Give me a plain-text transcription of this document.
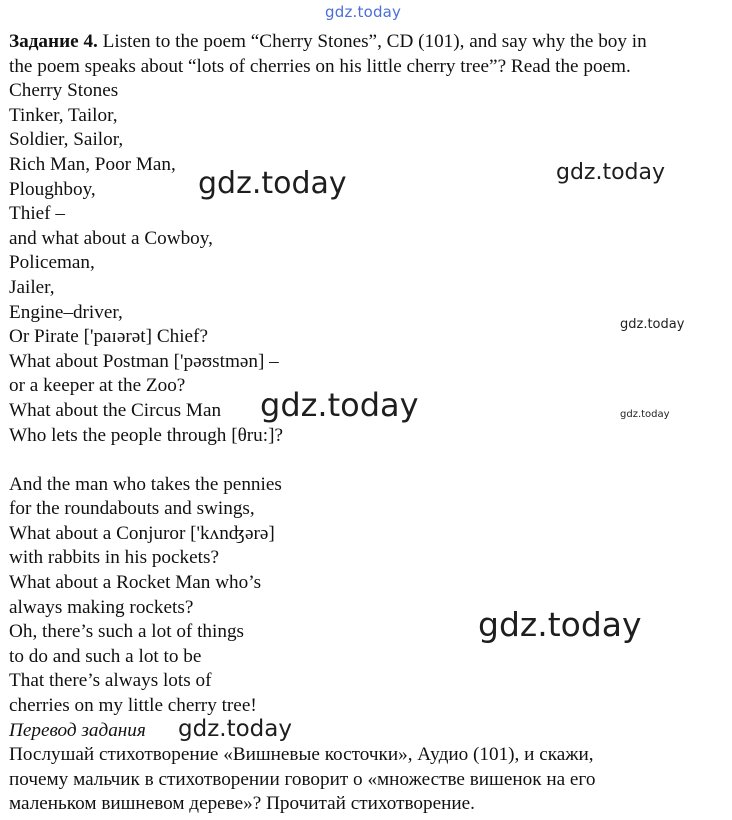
gdz.today
Задание 4. Listen to the poem “Cherry Stones”, CD (101), and say why the boy in
the poem speaks about “lots of cherries on his little cherry tree”? Read the poem.
Cherry Stones
Tinker, Tailor,
Soldier, Sailor,
Rich Man, Poor Man,
Ploughboy,
Thief –
and what about a Cowboy,
Policeman,
Jailer,
Engine–driver,
Or Pirate ['paɪərət] Chief?
What about Postman ['pəʊstmən] –
or a keeper at the Zoo?
What about the Circus Man
Who lets the people through [θru:]?
And the man who takes the pennies
for the roundabouts and swings,
What about a Conjuror ['kʌnʤərə]
with rabbits in his pockets?
What about a Rocket Man who’s
always making rockets?
Oh, there’s such a lot of things
to do and such a lot to be
That there’s always lots of
cherries on my little cherry tree!
Перевод задания
Послушай стихотворение «Вишневые косточки», Аудио (101), и скажи,
почему мальчик в стихотворении говорит о «множестве вишенок на его
маленьком вишневом дереве»? Прочитай стихотворение.
gdz.today	gdz.today
gdz.today
gdz.today	gdz.today
gdz.today
gdz.today
